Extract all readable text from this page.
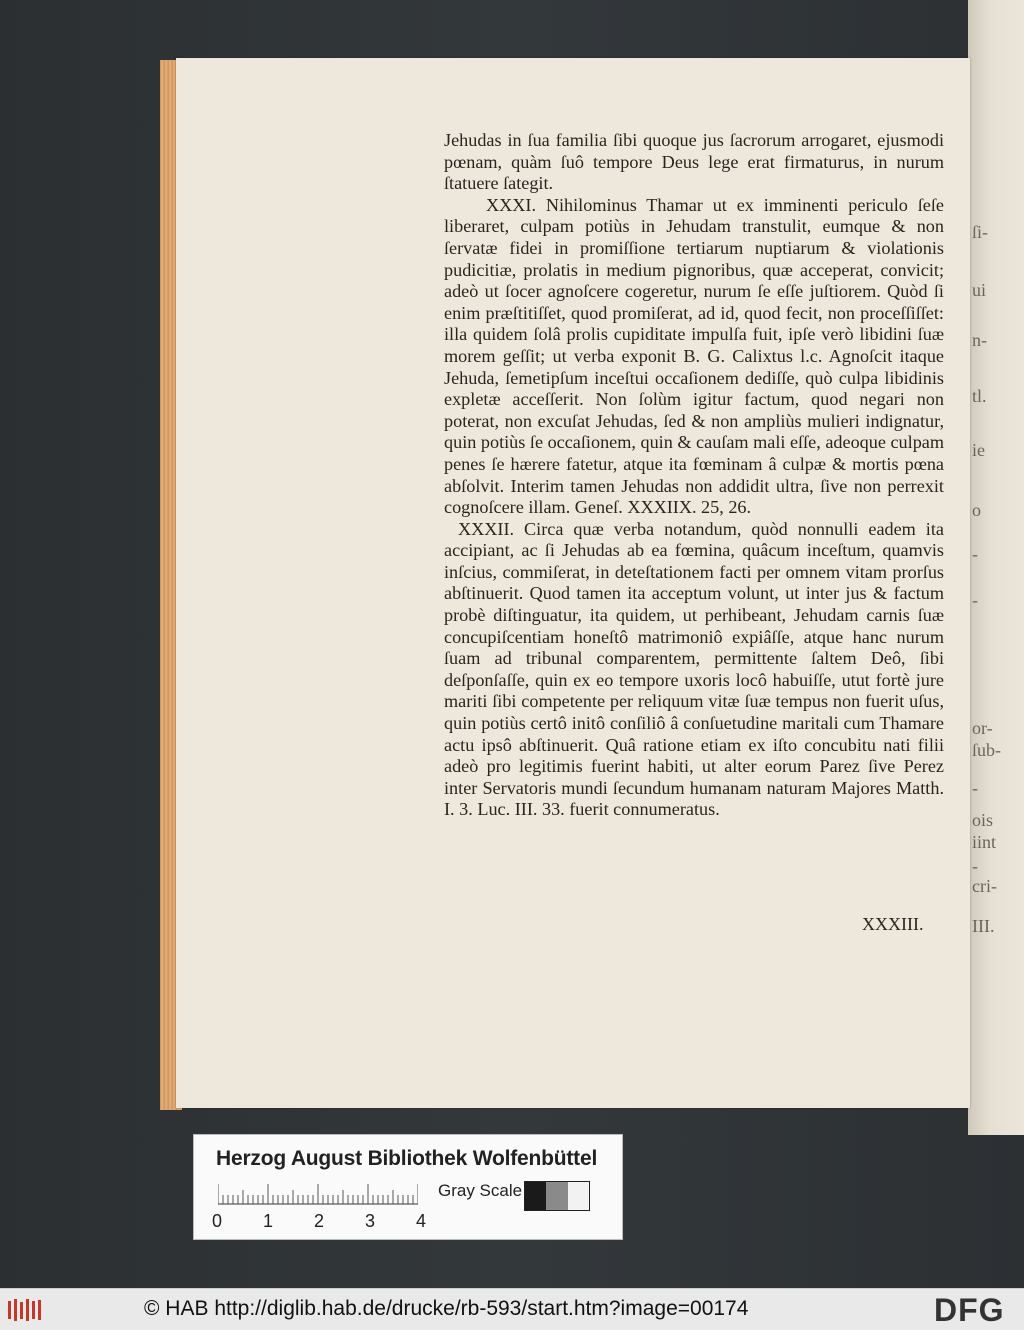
ſi-
ui
n-
tl.
ie
o
-
-
or-
ſub-
-
ois
iint
-
cri-
III.

Jehudas in ſua familia ſibi quoque jus ſacrorum arrogaret, ejusmodi pœnam, quàm ſuô tempore Deus lege erat firmaturus, in nurum ſtatuere ſategit.

XXXI. Nihilominus Thamar ut ex imminenti periculo ſeſe liberaret, culpam potiùs in Jehudam transtulit, eumque & non ſervatæ fidei in promiſſione tertiarum nuptiarum & violationis pudicitiæ, prolatis in medium pignoribus, quæ acceperat, convicit; adeò ut ſocer agnoſcere cogeretur, nurum ſe eſſe juſtiorem. Quòd ſi enim præſtitiſſet, quod promiſerat, ad id, quod fecit, non proceſſiſſet: illa quidem ſolâ prolis cupiditate impulſa fuit, ipſe verò libidini ſuæ morem geſſit; ut verba exponit B. G. Calixtus l.c. Agnoſcit itaque Jehuda, ſemetipſum inceſtui occaſionem dediſſe, quò culpa libidinis expletæ acceſſerit. Non ſolùm igitur factum, quod negari non poterat, non excuſat Jehudas, ſed & non ampliùs mulieri indignatur, quin potiùs ſe occaſionem, quin & cauſam mali eſſe, adeoque culpam penes ſe hærere fatetur, atque ita fœminam â culpæ & mortis pœna abſolvit. Interim tamen Jehudas non addidit ultra, ſive non perrexit cognoſcere illam. Geneſ. XXXIIX. 25, 26.

XXXII. Circa quæ verba notandum, quòd nonnulli eadem ita accipiant, ac ſi Jehudas ab ea fœmina, quâcum inceſtum, quamvis inſcius, commiſerat, in deteſtationem facti per omnem vitam prorſus abſtinuerit. Quod tamen ita acceptum volunt, ut inter jus & factum probè diſtinguatur, ita quidem, ut perhibeant, Jehudam carnis ſuæ concupiſcentiam honeſtô matrimoniô expiâſſe, atque hanc nurum ſuam ad tribunal comparentem, permittente ſaltem Deô, ſibi deſponſaſſe, quin ex eo tempore uxoris locô habuiſſe, utut fortè jure mariti ſibi competente per reliquum vitæ ſuæ tempus non fuerit uſus, quin potiùs certô initô conſiliô â conſuetudine maritali cum Thamare actu ipsô abſtinuerit. Quâ ratione etiam ex iſto concubitu nati filii adeò pro legitimis fuerint habiti, ut alter eorum Parez ſive Perez inter Servatoris mundi ſecundum humanam naturam Majores Matth. I. 3. Luc. III. 33. fuerit connumeratus.

XXXIII.
Herzog August Bibliothek Wolfenbüttel
0 1 2 3 4
Gray Scale
© HAB http://diglib.hab.de/drucke/rb-593/start.htm?image=00174	DFG
